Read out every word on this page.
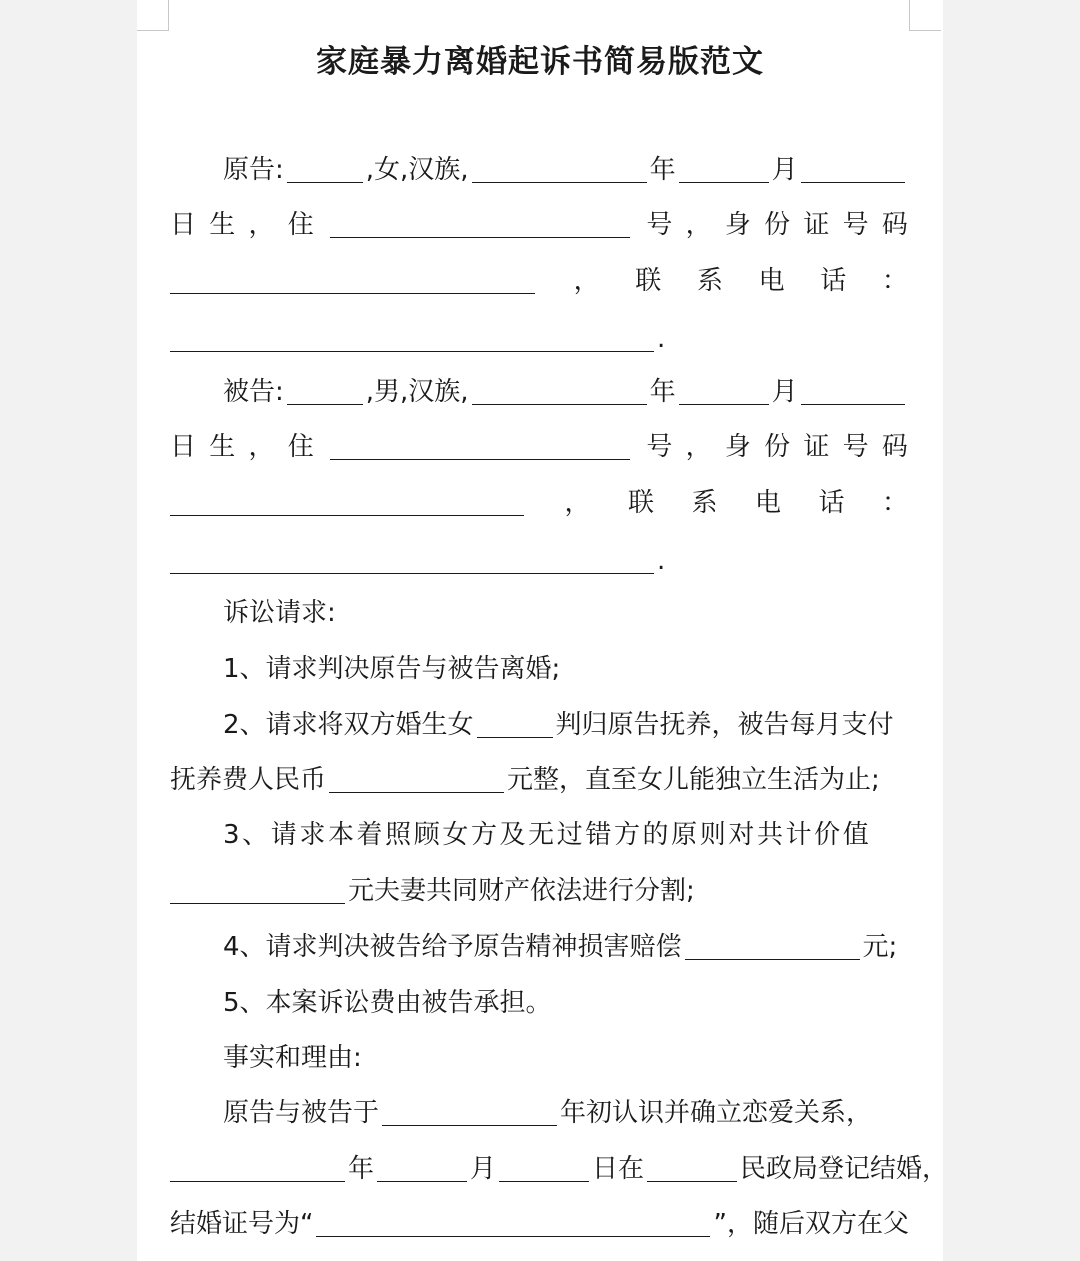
家庭暴力离婚起诉书简易版范文
原告:	,女, 汉族,	年	月
日 生 ， 住	号 ， 身 份 证 号 码
， 联 系 电 话 ：
.
被告:	,男, 汉族,	年	月
日 生 ， 住	号 ， 身 份 证 号 码
， 联 系 电 话 ：
.
诉讼请求:
1、请求判决原告与被告离婚;
2、请求将双方婚生女	判归原告抚养，被告每月支付
抚养费人民币	元整，直至女儿能独立生活为止;
3、请求本着照顾女方及无过错方的原则对共计价值
元夫妻共同财产依法进行分割;
4、请求判决被告给予原告精神损害赔偿	元;
5、本案诉讼费由被告承担。
事实和理由:
原告与被告于	年初认识并确立恋爱关系，
年	月	日在	民政局登记结婚，
结婚证号为“	”，随后双方在父
